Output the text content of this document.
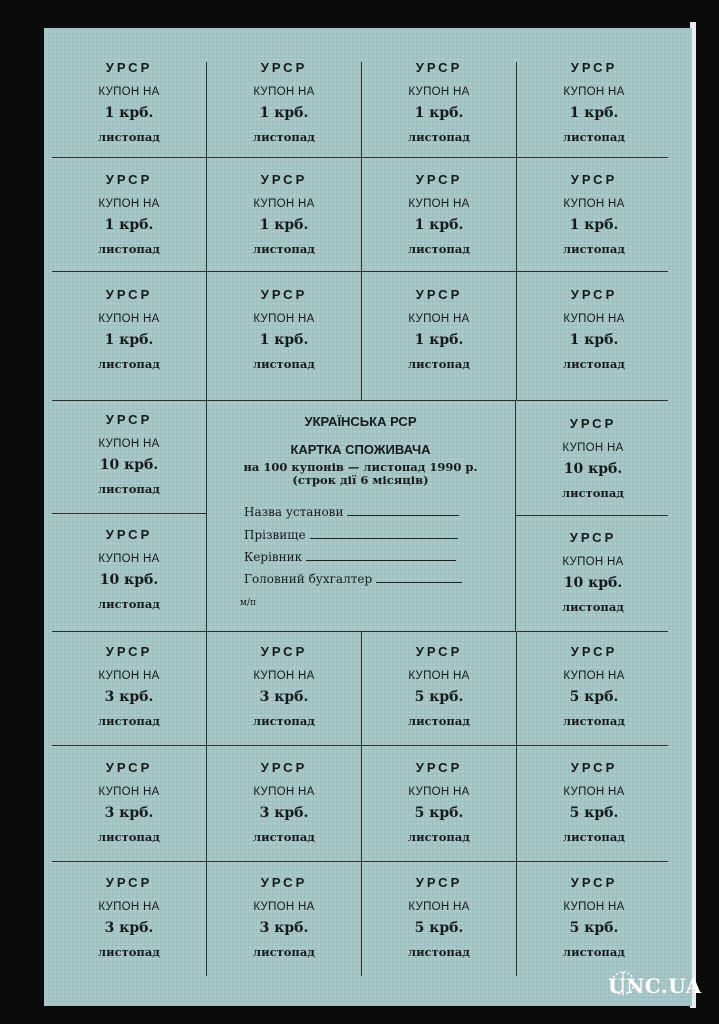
УРСР
КУПОН НА
1 крб.
листопад
УРСР
КУПОН НА
1 крб.
листопад
УРСР
КУПОН НА
1 крб.
листопад
УРСР
КУПОН НА
1 крб.
листопад
УРСР
КУПОН НА
1 крб.
листопад
УРСР
КУПОН НА
1 крб.
листопад
УРСР
КУПОН НА
1 крб.
листопад
УРСР
КУПОН НА
1 крб.
листопад
УРСР
КУПОН НА
1 крб.
листопад
УРСР
КУПОН НА
1 крб.
листопад
УРСР
КУПОН НА
1 крб.
листопад
УРСР
КУПОН НА
1 крб.
листопад
УРСР
КУПОН НА
10 крб.
листопад
УРСР
КУПОН НА
10 крб.
листопад
УРСР
КУПОН НА
10 крб.
листопад
УРСР
КУПОН НА
10 крб.
листопад
УКРАЇНСЬКА РСР
КАРТКА СПОЖИВАЧА
на 100 купонів — листопад 1990 р.
(строк дії 6 місяців)
Назва установи
Прізвище
Керівник
Головний бухгалтер
м/п
УРСР
КУПОН НА
3 крб.
листопад
УРСР
КУПОН НА
3 крб.
листопад
УРСР
КУПОН НА
5 крб.
листопад
УРСР
КУПОН НА
5 крб.
листопад
УРСР
КУПОН НА
3 крб.
листопад
УРСР
КУПОН НА
3 крб.
листопад
УРСР
КУПОН НА
5 крб.
листопад
УРСР
КУПОН НА
5 крб.
листопад
УРСР
КУПОН НА
3 крб.
листопад
УРСР
КУПОН НА
3 крб.
листопад
УРСР
КУПОН НА
5 крб.
листопад
УРСР
КУПОН НА
5 крб.
листопад
UNC.UA
